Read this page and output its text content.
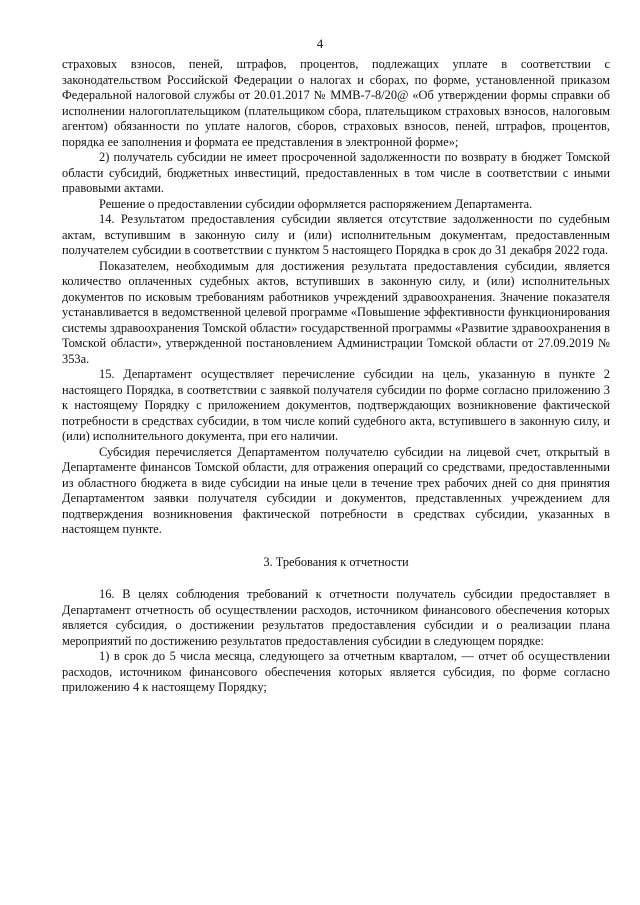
4

страховых взносов, пеней, штрафов, процентов, подлежащих уплате в соответствии с законодательством Российской Федерации о налогах и сборах, по форме, установленной приказом Федеральной налоговой службы от 20.01.2017 № ММВ-7-8/20@ «Об утверждении формы справки об исполнении налогоплательщиком (плательщиком сбора, плательщиком страховых взносов, налоговым агентом) обязанности по уплате налогов, сборов, страховых взносов, пеней, штрафов, процентов, порядка ее заполнения и формата ее представления в электронной форме»;

2) получатель субсидии не имеет просроченной задолженности по возврату в бюджет Томской области субсидий, бюджетных инвестиций, предоставленных в том числе в соответствии с иными правовыми актами.

Решение о предоставлении субсидии оформляется распоряжением Департамента.

14. Результатом предоставления субсидии является отсутствие задолженности по судебным актам, вступившим в законную силу и (или) исполнительным документам, предоставленным получателем субсидии в соответствии с пунктом 5 настоящего Порядка в срок до 31 декабря 2022 года.

Показателем, необходимым для достижения результата предоставления субсидии, является количество оплаченных судебных актов, вступивших в законную силу, и (или) исполнительных документов по исковым требованиям работников учреждений здравоохранения. Значение показателя устанавливается в ведомственной целевой программе «Повышение эффективности функционирования системы здравоохранения Томской области» государственной программы «Развитие здравоохранения в Томской области», утвержденной постановлением Администрации Томской области от 27.09.2019 № 353а.

15. Департамент осуществляет перечисление субсидии на цель, указанную в пункте 2 настоящего Порядка, в соответствии с заявкой получателя субсидии по форме согласно приложению 3 к настоящему Порядку с приложением документов, подтверждающих возникновение фактической потребности в средствах субсидии, в том числе копий судебного акта, вступившего в законную силу, и (или) исполнительного документа, при его наличии.

Субсидия перечисляется Департаментом получателю субсидии на лицевой счет, открытый в Департаменте финансов Томской области, для отражения операций со средствами, предоставленными из областного бюджета в виде субсидии на иные цели в течение трех рабочих дней со дня принятия Департаментом заявки получателя субсидии и документов, представленных учреждением для подтверждения возникновения фактической потребности в средствах субсидии, указанных в настоящем пункте.

3. Требования к отчетности

16. В целях соблюдения требований к отчетности получатель субсидии предоставляет в Департамент отчетность об осуществлении расходов, источником финансового обеспечения которых является субсидия, о достижении результатов предоставления субсидии и о реализации плана мероприятий по достижению результатов предоставления субсидии в следующем порядке:

1) в срок до 5 числа месяца, следующего за отчетным кварталом, — отчет об осуществлении расходов, источником финансового обеспечения которых является субсидия, по форме согласно приложению 4 к настоящему Порядку;
